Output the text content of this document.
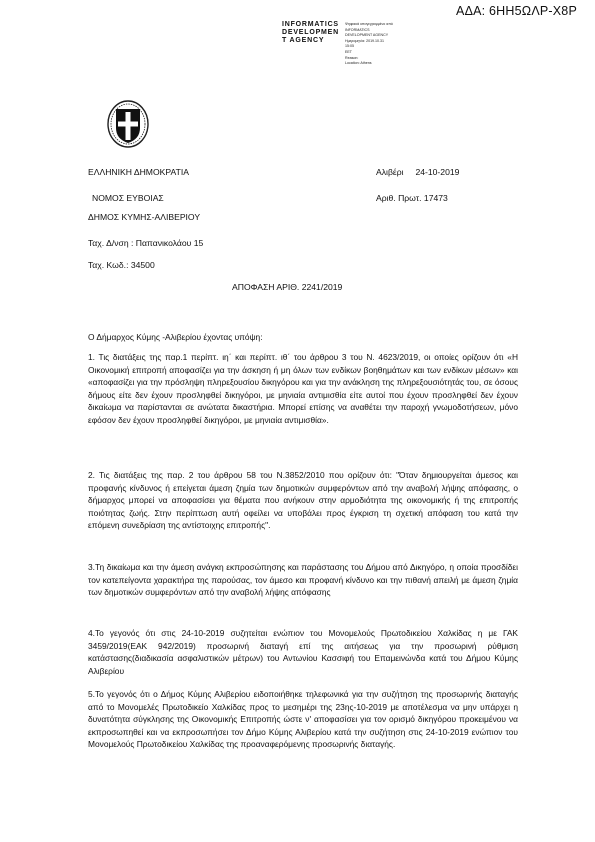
ΑΔΑ: 6ΗΗ5ΩΛΡ-Χ8Ρ
INFORMATICS
DEVELOPMEN
T AGENCY
Ψηφιακά υπογεγραμμένο από
INFORMATICS
DEVELOPMENT AGENCY
Ημερομηνία: 2019.10.31
15:05
EET
Reason:
Location: Athens
ΕΛΛΗΝΙΚΗ ΔΗΜΟΚΡΑΤΙΑ
ΝΟΜΟΣ ΕΥΒΟΙΑΣ
ΔΗΜΟΣ ΚΥΜΗΣ-ΑΛΙΒΕΡΙΟΥ
Ταχ. Δ/νση : Παπανικολάου 15
Ταχ. Κωδ.: 34500
Αλιβέρι     24-10-2019
Αριθ. Πρωτ. 17473
ΑΠΟΦΑΣΗ ΑΡΙΘ. 2241/2019
Ο Δήμαρχος Κύμης -Αλιβερίου έχοντας υπόψη:
1. Τις διατάξεις της παρ.1 περίπτ. ιη΄ και περίπτ. ιθ΄ του άρθρου 3 του Ν. 4623/2019, οι οποίες ορίζουν ότι «Η Οικονομική επιτροπή αποφασίζει για την άσκηση ή μη όλων των ενδίκων βοηθημάτων και των ενδίκων μέσων» και «αποφασίζει για την πρόσληψη πληρεξουσίου δικηγόρου και για την ανάκληση της πληρεξουσιότητάς του, σε όσους δήμους είτε δεν έχουν προσληφθεί δικηγόροι, με μηνιαία αντιμισθία είτε αυτοί που έχουν προσληφθεί δεν έχουν δικαίωμα να παρίστανται σε ανώτατα δικαστήρια. Μπορεί επίσης να αναθέτει την παροχή γνωμοδοτήσεων, μόνο εφόσον δεν έχουν προσληφθεί δικηγόροι, με μηνιαία αντιμισθία».
2. Τις διατάξεις της παρ. 2 του άρθρου 58 του Ν.3852/2010 που ορίζουν ότι: "Όταν δημιουργείται άμεσος και προφανής κίνδυνος ή επείγεται άμεση ζημία των δημοτικών συμφερόντων από την αναβολή λήψης απόφασης, ο δήμαρχος μπορεί να αποφασίσει για θέματα που ανήκουν στην αρμοδιότητα της οικονομικής ή της επιτροπής ποιότητας ζωής. Στην περίπτωση αυτή οφείλει να υποβάλει προς έγκριση τη σχετική απόφαση του κατά την επόμενη συνεδρίαση της αντίστοιχης επιτροπής".
3.Τη δικαίωμα και την άμεση ανάγκη εκπροσώπησης και παράστασης του Δήμου από Δικηγόρο, η οποία προσδίδει τον κατεπείγοντα χαρακτήρα της παρούσας, τον άμεσο και προφανή κίνδυνο και την πιθανή απειλή με άμεση ζημία των δημοτικών συμφερόντων από την αναβολή λήψης απόφασης
4.Το γεγονός ότι στις 24-10-2019 συζητείται ενώπιον του Μονομελούς Πρωτοδικείου Χαλκίδας η με ΓΑΚ 3459/2019(ΕΑΚ 942/2019) προσωρινή διαταγή επί της αιτήσεως για την προσωρινή ρύθμιση κατάστασης(διαδικασία ασφαλιστικών μέτρων) του Αντωνίου Κασσιφή του Επαμεινώνδα κατά του Δήμου Κύμης Αλιβερίου
5.Το γεγονός ότι ο Δήμος Κύμης Αλιβερίου ειδοποιήθηκε τηλεφωνικά για την συζήτηση της προσωρινής διαταγής από το Μονομελές Πρωτοδικείο Χαλκίδας προς το μεσημέρι της 23ης-10-2019 με αποτέλεσμα να μην υπάρχει η δυνατότητα σύγκλησης της Οικονομικής Επιτροπής ώστε ν' αποφασίσει για τον ορισμό δικηγόρου προκειμένου να εκπροσωπηθεί και να εκπροσωπήσει τον Δήμο Κύμης Αλιβερίου κατά την συζήτηση στις 24-10-2019 ενώπιον του Μονομελούς Πρωτοδικείου Χαλκίδας της προαναφερόμενης προσωρινής διαταγής.
